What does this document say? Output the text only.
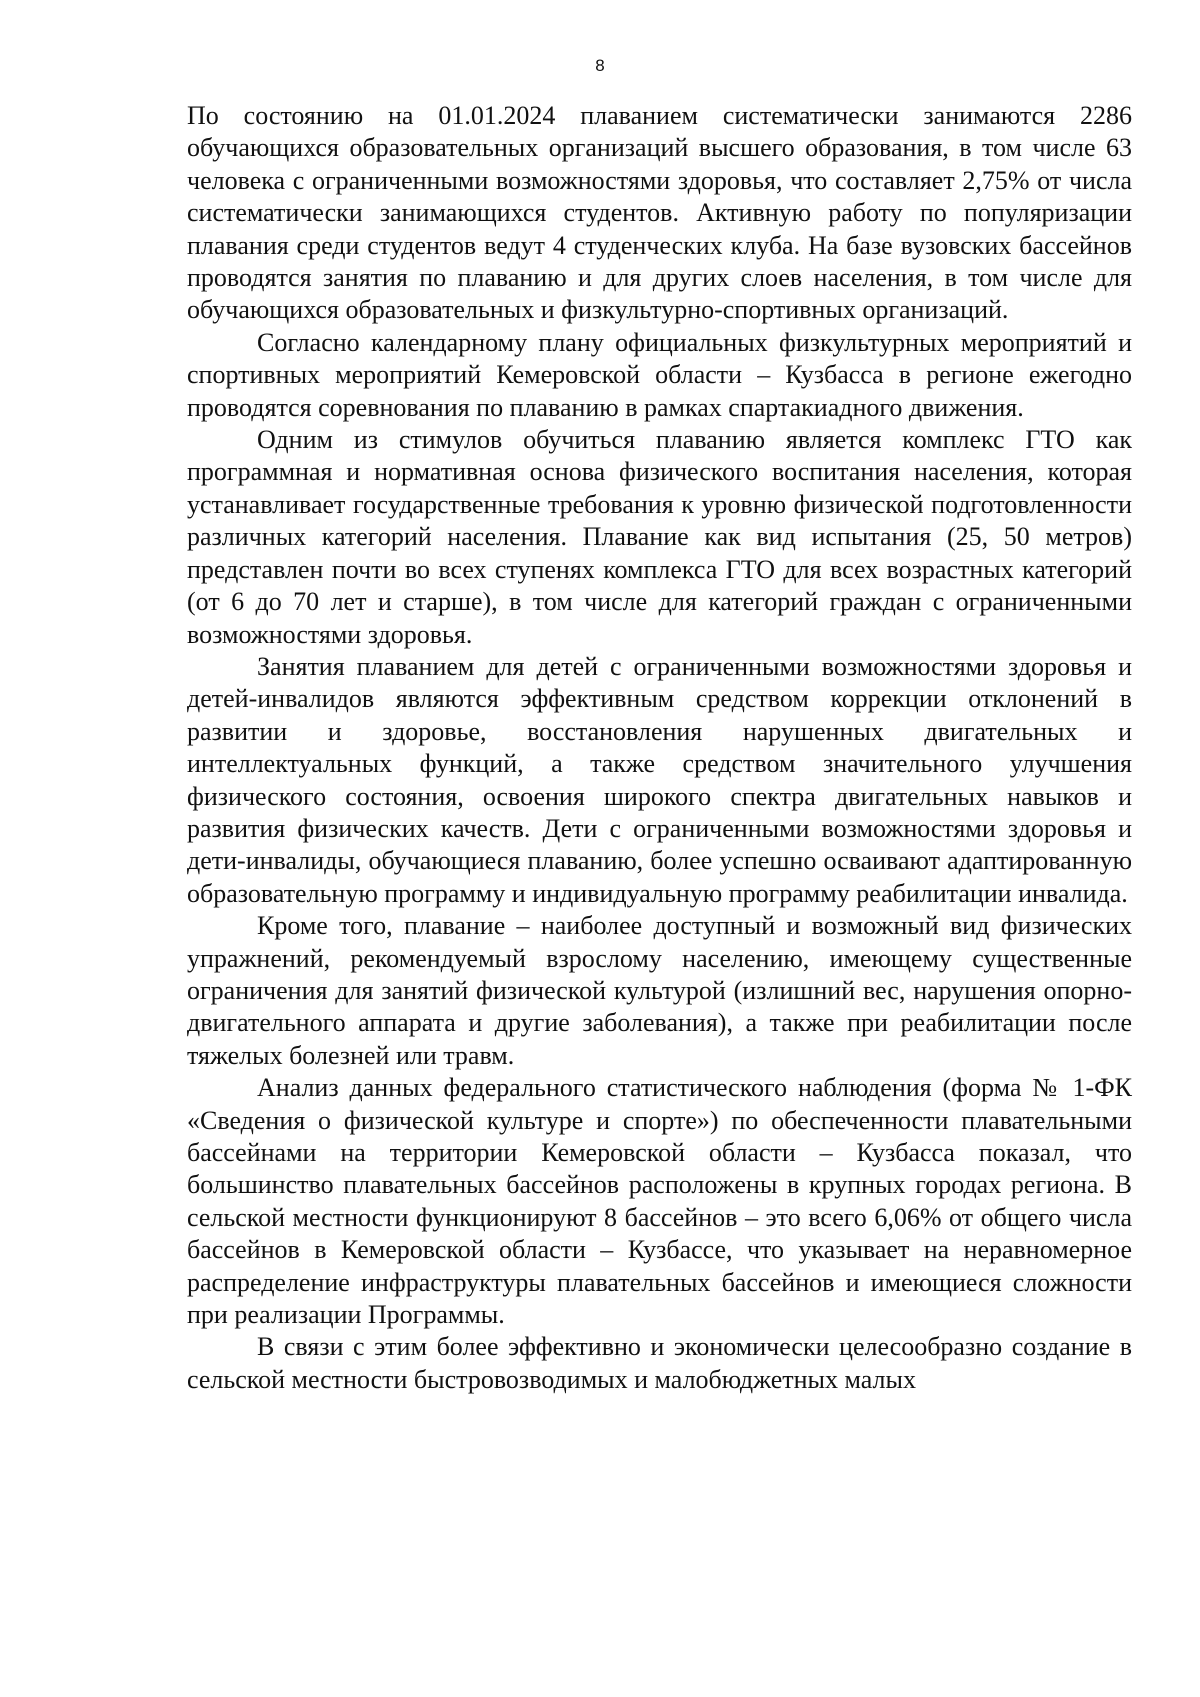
8

По состоянию на 01.01.2024 плаванием систематически занимаются 2286 обучающихся образовательных организаций высшего образования, в том числе 63 человека с ограниченными возможностями здоровья, что составляет 2,75% от числа систематически занимающихся студентов. Активную работу по популяризации плавания среди студентов ведут 4 студенческих клуба. На базе вузовских бассейнов проводятся занятия по плаванию и для других слоев населения, в том числе для обучающихся образовательных и физкультурно-спортивных организаций.

Согласно календарному плану официальных физкультурных мероприятий и спортивных мероприятий Кемеровской области – Кузбасса в регионе ежегодно проводятся соревнования по плаванию в рамках спартакиадного движения.

Одним из стимулов обучиться плаванию является комплекс ГТО как программная и нормативная основа физического воспитания населения, которая устанавливает государственные требования к уровню физической подготовленности различных категорий населения. Плавание как вид испытания (25, 50 метров) представлен почти во всех ступенях комплекса ГТО для всех возрастных категорий (от 6 до 70 лет и старше), в том числе для категорий граждан с ограниченными возможностями здоровья.

Занятия плаванием для детей с ограниченными возможностями здоровья и детей-инвалидов являются эффективным средством коррекции отклонений в развитии и здоровье, восстановления нарушенных двигательных и интеллектуальных функций, а также средством значительного улучшения физического состояния, освоения широкого спектра двигательных навыков и развития физических качеств. Дети с ограниченными возможностями здоровья и дети-инвалиды, обучающиеся плаванию, более успешно осваивают адаптированную образовательную программу и индивидуальную программу реабилитации инвалида.

Кроме того, плавание – наиболее доступный и возможный вид физических упражнений, рекомендуемый взрослому населению, имеющему существенные ограничения для занятий физической культурой (излишний вес, нарушения опорно-двигательного аппарата и другие заболевания), а также при реабилитации после тяжелых болезней или травм.

Анализ данных федерального статистического наблюдения (форма № 1-ФК «Сведения о физической культуре и спорте») по обеспеченности плавательными бассейнами на территории Кемеровской области – Кузбасса показал, что большинство плавательных бассейнов расположены в крупных городах региона. В сельской местности функционируют 8 бассейнов – это всего 6,06% от общего числа бассейнов в Кемеровской области – Кузбассе, что указывает на неравномерное распределение инфраструктуры плавательных бассейнов и имеющиеся сложности при реализации Программы.

В связи с этим более эффективно и экономически целесообразно создание в сельской местности быстровозводимых и малобюджетных малых
